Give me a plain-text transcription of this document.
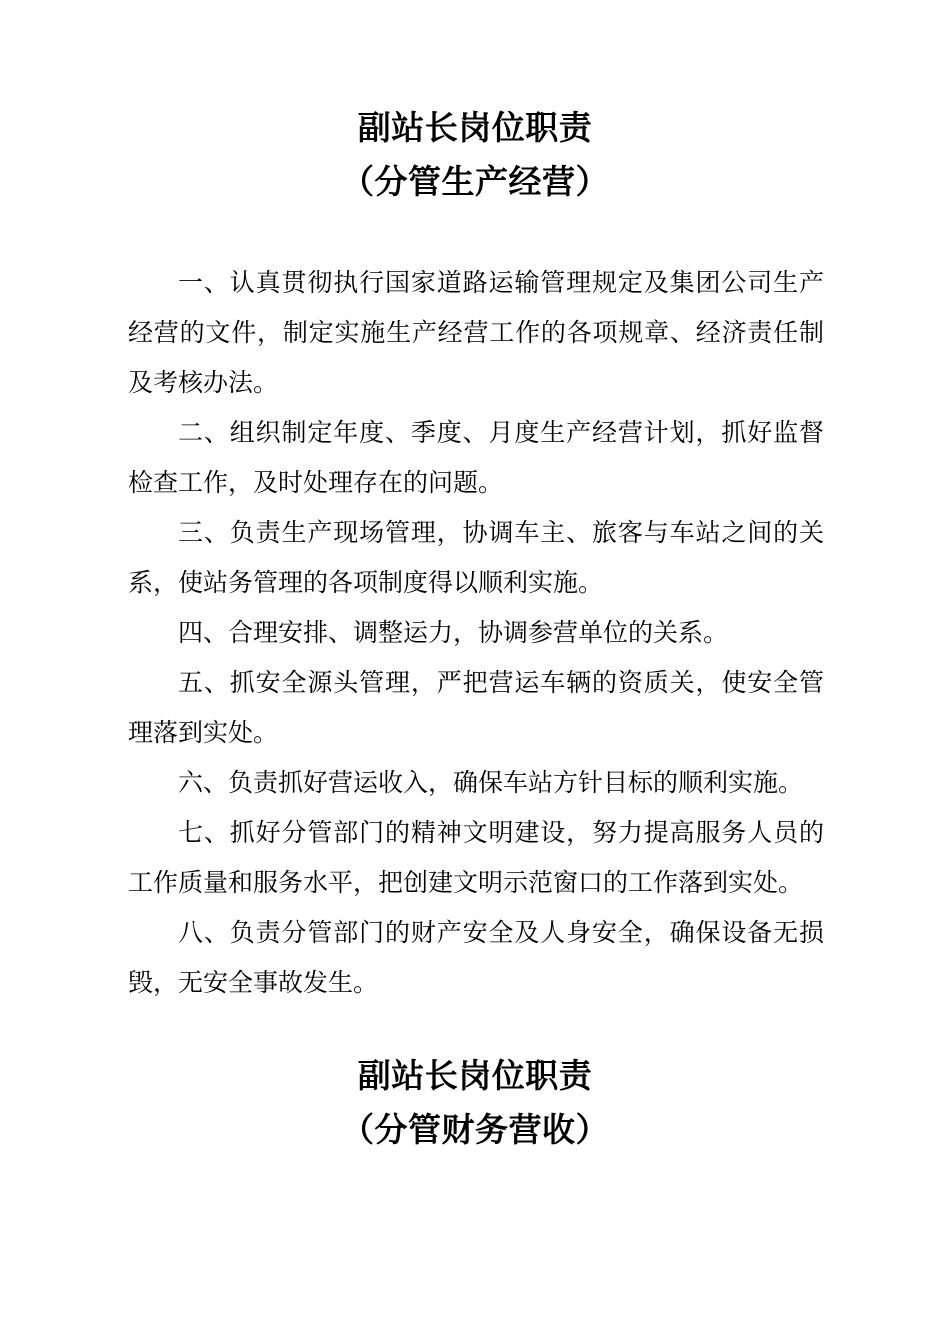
副站长岗位职责
（分管生产经营）

一、认真贯彻执行国家道路运输管理规定及集团公司生产经营的文件，制定实施生产经营工作的各项规章、经济责任制及考核办法。

二、组织制定年度、季度、月度生产经营计划，抓好监督检查工作，及时处理存在的问题。

三、负责生产现场管理，协调车主、旅客与车站之间的关系，使站务管理的各项制度得以顺利实施。

四、合理安排、调整运力，协调参营单位的关系。

五、抓安全源头管理，严把营运车辆的资质关，使安全管理落到实处。

六、负责抓好营运收入，确保车站方针目标的顺利实施。

七、抓好分管部门的精神文明建设，努力提高服务人员的工作质量和服务水平，把创建文明示范窗口的工作落到实处。

八、负责分管部门的财产安全及人身安全，确保设备无损毁，无安全事故发生。

副站长岗位职责
（分管财务营收）
